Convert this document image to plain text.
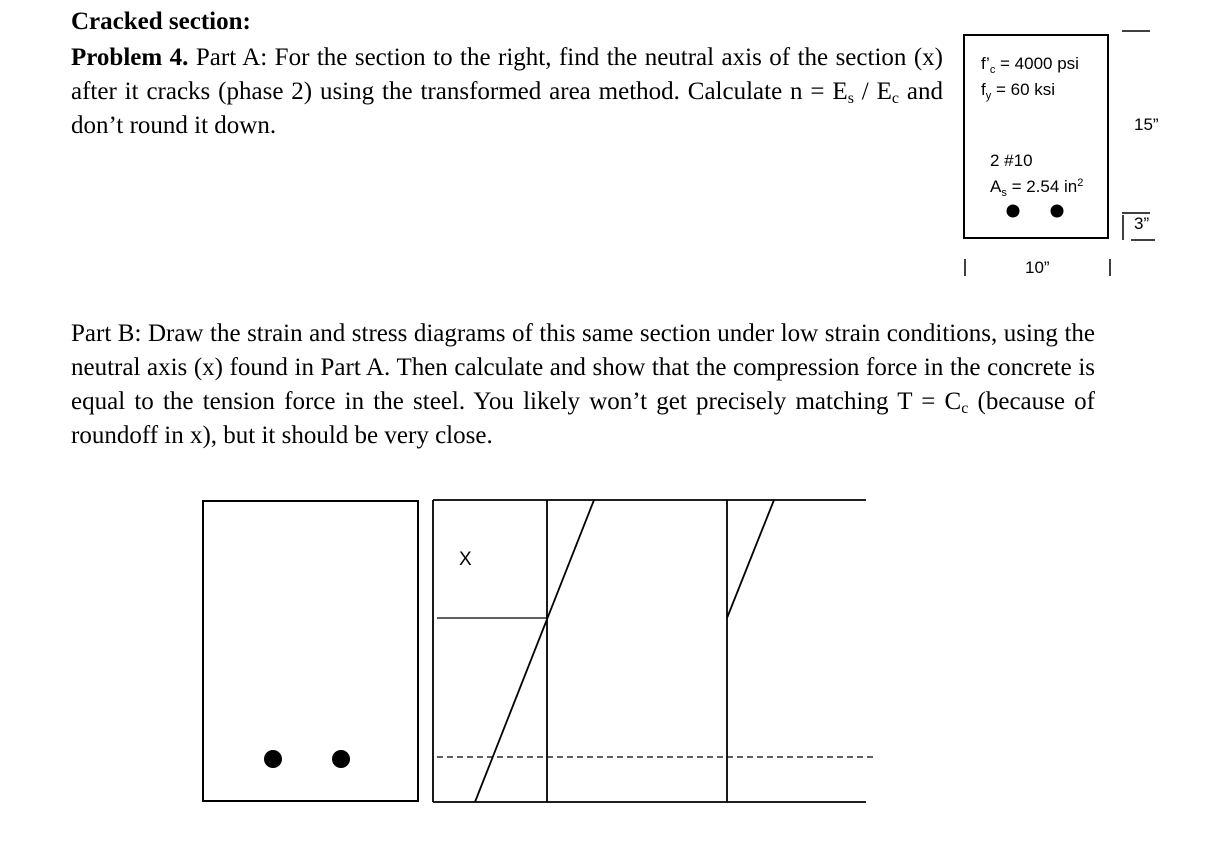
Cracked section:
Problem 4. Part A: For the section to the right, find the neutral axis of the section (x) after it cracks (phase 2) using the transformed area method. Calculate $n = E_s / E_c$ and don’t round it down.
Part B: Draw the strain and stress diagrams of this same section under low strain conditions, using the neutral axis (x) found in Part A. Then calculate and show that the compression force in the concrete is equal to the tension force in the steel. You likely won’t get precisely matching $T = C_c$ (because of roundoff in x), but it should be very close.
$f’_c = 4000$ psi
$f_y = 60$ ksi
2 #10
$A_s = 2.54$ $in^2$
15”
3”
10”
X
